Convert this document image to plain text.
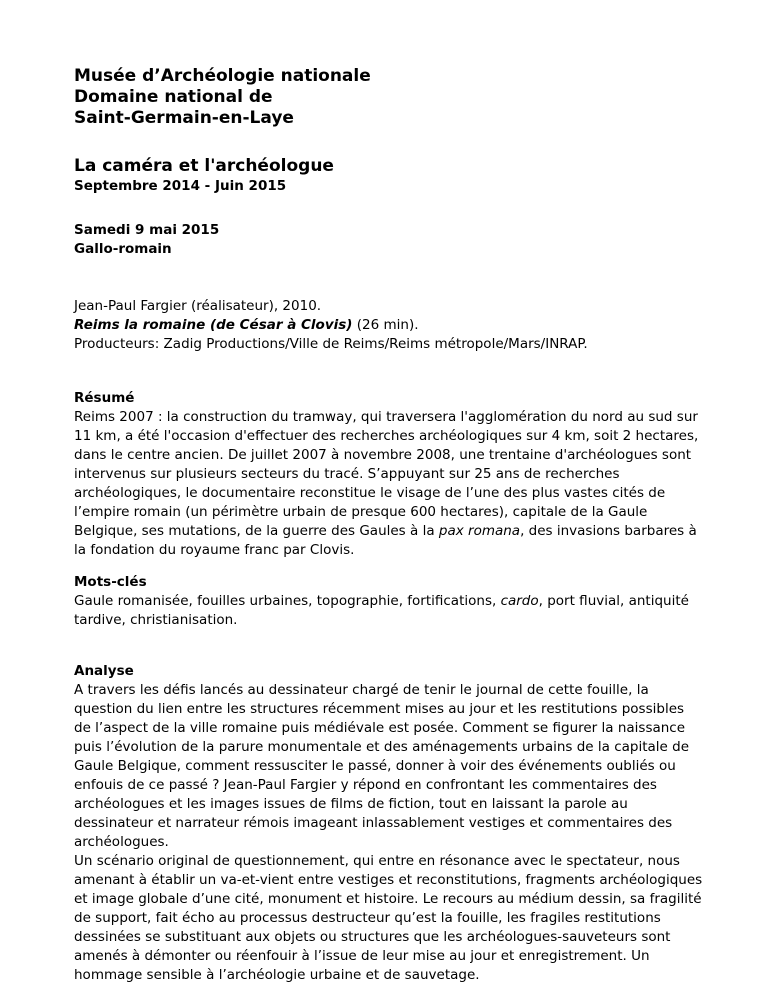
Musée d’Archéologie nationale

Domaine national de

Saint-Germain-en-Laye

La caméra et l'archéologue

Septembre 2014 - Juin 2015

Samedi 9 mai 2015
Gallo-romain
Jean-Paul Fargier (réalisateur), 2010.
Reims la romaine (de César à Clovis) (26 min).
Producteurs: Zadig Productions/Ville de Reims/Reims métropole/Mars/INRAP.
Résumé

Reims 2007 : la construction du tramway, qui traversera l'agglomération du nord au sud sur 11 km, a été l'occasion d'effectuer des recherches archéologiques sur 4 km, soit 2 hectares, dans le centre ancien. De juillet 2007 à novembre 2008, une trentaine d'archéologues sont intervenus sur plusieurs secteurs du tracé. S’appuyant sur 25 ans de recherches archéologiques, le documentaire reconstitue le visage de l’une des plus vastes cités de l’empire romain (un périmètre urbain de presque 600 hectares), capitale de la Gaule Belgique, ses mutations, de la guerre des Gaules à la pax romana, des invasions barbares à la fondation du royaume franc par Clovis.

Mots-clés

Gaule romanisée, fouilles urbaines, topographie, fortifications, cardo, port fluvial, antiquité tardive, christianisation.

Analyse

A travers les défis lancés au dessinateur chargé de tenir le journal de cette fouille, la question du lien entre les structures récemment mises au jour et les restitutions possibles de l’aspect de la ville romaine puis médiévale est posée. Comment se figurer la naissance puis l’évolution de la parure monumentale et des aménagements urbains de la capitale de Gaule Belgique, comment ressusciter le passé, donner à voir des événements oubliés ou enfouis de ce passé ? Jean-Paul Fargier y répond en confrontant les commentaires des archéologues et les images issues de films de fiction, tout en laissant la parole au dessinateur et narrateur rémois imageant inlassablement vestiges et commentaires des archéologues.

Un scénario original de questionnement, qui entre en résonance avec le spectateur, nous amenant à établir un va-et-vient entre vestiges et reconstitutions, fragments archéologiques et image globale d’une cité, monument et histoire. Le recours au médium dessin, sa fragilité de support, fait écho au processus destructeur qu’est la fouille, les fragiles restitutions dessinées se substituant aux objets ou structures que les archéologues-sauveteurs sont amenés à démonter ou réenfouir à l’issue de leur mise au jour et enregistrement. Un hommage sensible à l’archéologie urbaine et de sauvetage.
